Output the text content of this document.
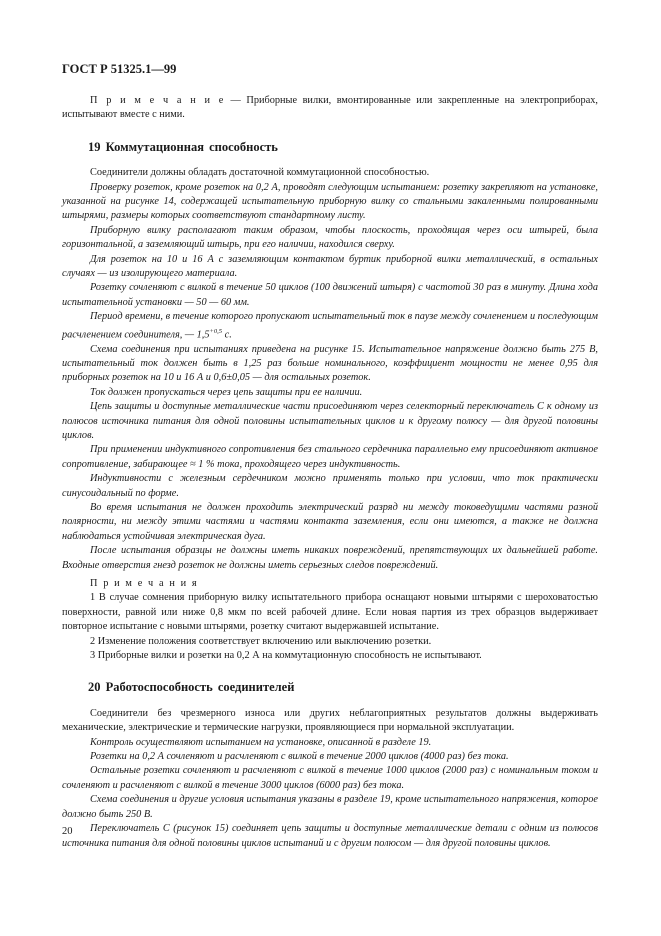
ГОСТ Р 51325.1—99

П р и м е ч а н и е — Приборные вилки, вмонтированные или закрепленные на электроприборах, испытывают вместе с ними.

19 Коммутационная способность

Соединители должны обладать достаточной коммутационной способностью.

Проверку розеток, кроме розеток на 0,2 А, проводят следующим испытанием: розетку закрепляют на установке, указанной на рисунке 14, содержащей испытательную приборную вилку со стальными закаленными полированными штырями, размеры которых соответствуют стандартному листу.

Приборную вилку располагают таким образом, чтобы плоскость, проходящая через оси штырей, была горизонтальной, а заземляющий штырь, при его наличии, находился сверху.

Для розеток на 10 и 16 А с заземляющим контактом буртик приборной вилки металлический, в остальных случаях — из изолирующего материала.

Розетку сочленяют с вилкой в течение 50 циклов (100 движений штыря) с частотой 30 раз в минуту. Длина хода испытательной установки — 50 — 60 мм.

Период времени, в течение которого пропускают испытательный ток в паузе между сочленением и последующим расчленением соединителя, — $1,5^{+0,5}$ с.

Схема соединения при испытаниях приведена на рисунке 15. Испытательное напряжение должно быть 275 В, испытательный ток должен быть в 1,25 раз больше номинального, коэффициент мощности не менее 0,95 для приборных розеток на 10 и 16 А и 0,6±0,05 — для остальных розеток.

Ток должен пропускаться через цепь защиты при ее наличии.

Цепь защиты и доступные металлические части присоединяют через селекторный переключатель С к одному из полюсов источника питания для одной половины испытательных циклов и к другому полюсу — для другой половины циклов.

При применении индуктивного сопротивления без стального сердечника параллельно ему присоединяют активное сопротивление, забирающее ≈ 1 % тока, проходящего через индуктивность.

Индуктивности с железным сердечником можно применять только при условии, что ток практически синусоидальный по форме.

Во время испытания не должен проходить электрический разряд ни между токоведущими частями разной полярности, ни между этими частями и частями контакта заземления, если они имеются, а также не должна наблюдаться устойчивая электрическая дуга.

После испытания образцы не должны иметь никаких повреждений, препятствующих их дальнейшей работе. Входные отверстия гнезд розеток не должны иметь серьезных следов повреждений.

П р и м е ч а н и я

1 В случае сомнения приборную вилку испытательного прибора оснащают новыми штырями с шероховатостью поверхности, равной или ниже 0,8 мкм по всей рабочей длине. Если новая партия из трех образцов выдерживает повторное испытание с новыми штырями, розетку считают выдержавшей испытание.

2 Изменение положения соответствует включению или выключению розетки.

3 Приборные вилки и розетки на 0,2 А на коммутационную способность не испытывают.

20 Работоспособность соединителей

Соединители без чрезмерного износа или других неблагоприятных результатов должны выдерживать механические, электрические и термические нагрузки, проявляющиеся при нормальной эксплуатации.

Контроль осуществляют испытанием на установке, описанной в разделе 19.

Розетки на 0,2 А сочленяют и расчленяют с вилкой в течение 2000 циклов (4000 раз) без тока.

Остальные розетки сочленяют и расчленяют с вилкой в течение 1000 циклов (2000 раз) с номинальным током и сочленяют и расчленяют с вилкой в течение 3000 циклов (6000 раз) без тока.

Схема соединения и другие условия испытания указаны в разделе 19, кроме испытательного напряжения, которое должно быть 250 В.

Переключатель С (рисунок 15) соединяет цепь защиты и доступные металлические детали с одним из полюсов источника питания для одной половины циклов испытаний и с другим полюсом — для другой половины циклов.

20
